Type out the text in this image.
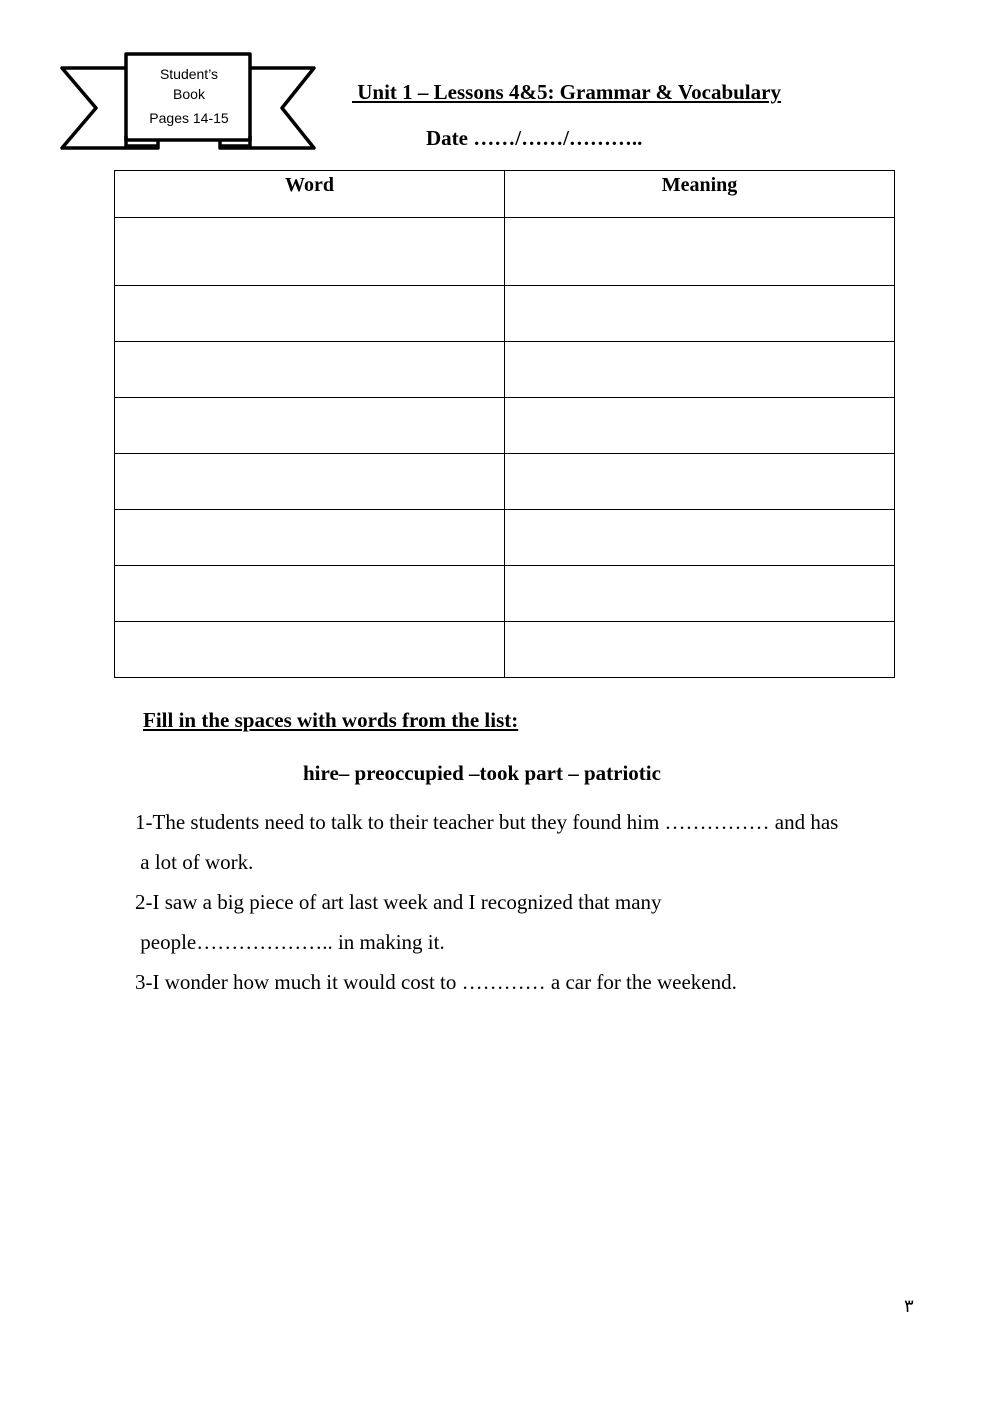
Student’s
Book
Pages 14-15
Unit 1 – Lessons 4&5: Grammar & Vocabulary
Date ……/……/………..
Word	Meaning

Fill in the spaces with words from the list:
hire– preoccupied –took part – patriotic
1-The students need to talk to their teacher but they found him …………… and has
a lot of work.
2-I saw a big piece of art last week and I recognized that many
people……………….. in making it.
3-I wonder how much it would cost to ………… a car for the weekend.
٣
